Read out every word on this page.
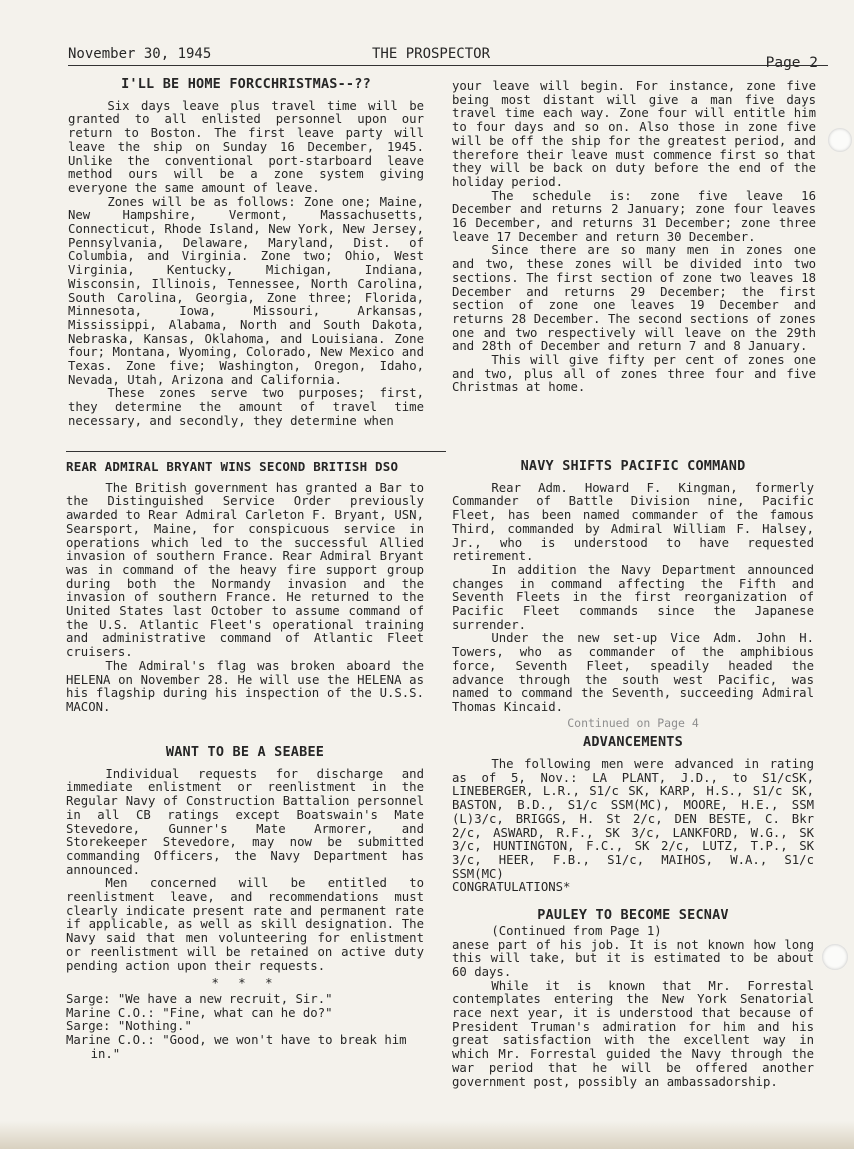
November 30, 1945	THE PROSPECTOR
Page 2
I'LL BE HOME FORCCHRISTMAS--??

Six days leave plus travel time will be granted to all enlisted personnel upon our return to Boston. The first leave party will leave the ship on Sunday 16 December, 1945. Unlike the conventional port-starboard leave method ours will be a zone system giving everyone the same amount of leave.

Zones will be as follows: Zone one; Maine, New Hampshire, Vermont, Massachusetts, Connecticut, Rhode Island, New York, New Jersey, Pennsylvania, Delaware, Maryland, Dist. of Columbia, and Virginia. Zone two; Ohio, West Virginia, Kentucky, Michigan, Indiana, Wisconsin, Illinois, Tennessee, North Carolina, South Carolina, Georgia, Zone three; Florida, Minnesota, Iowa, Missouri, Arkansas, Mississippi, Alabama, North and South Dakota, Nebraska, Kansas, Oklahoma, and Louisiana. Zone four; Montana, Wyoming, Colorado, New Mexico and Texas. Zone five; Washington, Oregon, Idaho, Nevada, Utah, Arizona and California.

These zones serve two purposes; first, they determine the amount of travel time necessary, and secondly, they determine when

your leave will begin. For instance, zone five being most distant will give a man five days travel time each way. Zone four will entitle him to four days and so on. Also those in zone five will be off the ship for the greatest period, and therefore their leave must commence first so that they will be back on duty before the end of the holiday period.

The schedule is: zone five leave 16 December and returns 2 January; zone four leaves 16 December, and returns 31 December; zone three leave 17 December and return 30 December.

Since there are so many men in zones one and two, these zones will be divided into two sections. The first section of zone two leaves 18 December and returns 29 December; the first section of zone one leaves 19 December and returns 28 December. The second sections of zones one and two respectively will leave on the 29th and 28th of December and return 7 and 8 January.

This will give fifty per cent of zones one and two, plus all of zones three four and five Christmas at home.

REAR ADMIRAL BRYANT WINS SECOND BRITISH DSO

The British government has granted a Bar to the Distinguished Service Order previously awarded to Rear Admiral Carleton F. Bryant, USN, Searsport, Maine, for conspicuous service in operations which led to the successful Allied invasion of southern France. Rear Admiral Bryant was in command of the heavy fire support group during both the Normandy invasion and the invasion of southern France. He returned to the United States last October to assume command of the U.S. Atlantic Fleet's operational training and administrative command of Atlantic Fleet cruisers.

The Admiral's flag was broken aboard the HELENA on November 28. He will use the HELENA as his flagship during his inspection of the U.S.S. MACON.

WANT TO BE A SEABEE

Individual requests for discharge and immediate enlistment or reenlistment in the Regular Navy of Construction Battalion personnel in all CB ratings except Boatswain's Mate Stevedore, Gunner's Mate Armorer, and Storekeeper Stevedore, may now be submitted commanding Officers, the Navy Department has announced.

Men concerned will be entitled to reenlistment leave, and recommendations must clearly indicate present rate and permanent rate if applicable, as well as skill designation. The Navy said that men volunteering for enlistment or reenlistment will be retained on active duty pending action upon their requests.

* * *

Sarge: "We have a new recruit, Sir."

Marine C.O.: "Fine, what can he do?"

Sarge: "Nothing."

Marine C.O.: "Good, we won't have to break him in."

NAVY SHIFTS PACIFIC COMMAND

Rear Adm. Howard F. Kingman, formerly Commander of Battle Division nine, Pacific Fleet, has been named commander of the famous Third, commanded by Admiral William F. Halsey, Jr., who is understood to have requested retirement.

In addition the Navy Department announced changes in command affecting the Fifth and Seventh Fleets in the first reorganization of Pacific Fleet commands since the Japanese surrender.

Under the new set-up Vice Adm. John H. Towers, who as commander of the amphibious force, Seventh Fleet, speadily headed the advance through the south west Pacific, was named to command the Seventh, succeeding Admiral Thomas Kincaid.

Continued on Page 4
ADVANCEMENTS

The following men were advanced in rating as of 5, Nov.: LA PLANT, J.D., to S1/cSK, LINEBERGER, L.R., S1/c SK, KARP, H.S., S1/c SK, BASTON, B.D., S1/c SSM(MC), MOORE, H.E., SSM (L)3/c, BRIGGS, H. St 2/c, DEN BESTE, C. Bkr 2/c, ASWARD, R.F., SK 3/c, LANKFORD, W.G., SK 3/c, HUNTINGTON, F.C., SK 2/c, LUTZ, T.P., SK 3/c, HEER, F.B., S1/c, MAIHOS, W.A., S1/c SSM(MC)

CONGRATULATIONS*

PAULEY TO BECOME SECNAV

(Continued from Page 1)

anese part of his job. It is not known how long this will take, but it is estimated to be about 60 days.

While it is known that Mr. Forrestal contemplates entering the New York Senatorial race next year, it is understood that because of President Truman's admiration for him and his great satisfaction with the excellent way in which Mr. Forrestal guided the Navy through the war period that he will be offered another government post, possibly an ambassadorship.
